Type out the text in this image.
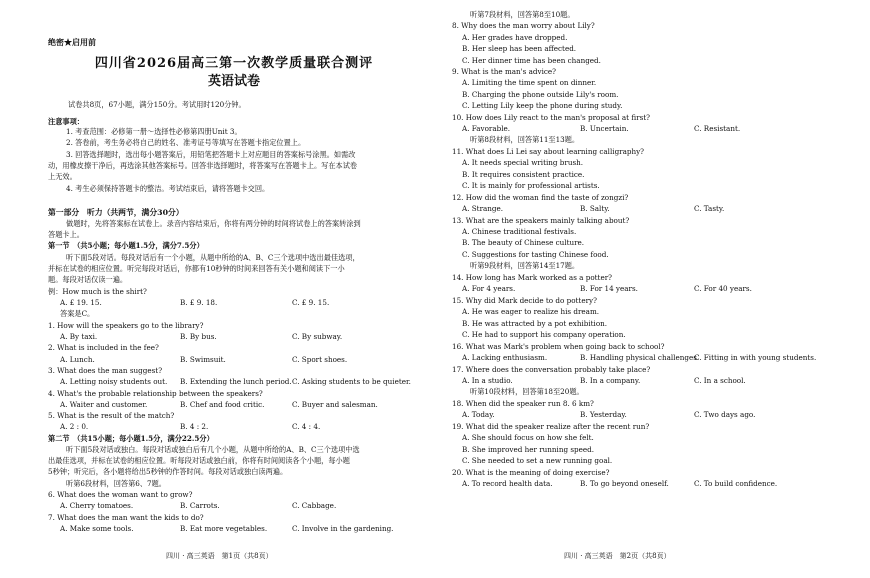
绝密★启用前
四川省2026届高三第一次教学质量联合测评
英语试卷
试卷共8页，67小题，满分150分。考试用时120分钟。
注意事项：
1. 考查范围：必修第一册～选择性必修第四册Unit 3。
2. 答卷前，考生务必将自己的姓名、准考证号等填写在答题卡指定位置上。
3. 回答选择题时，选出每小题答案后，用铅笔把答题卡上对应题目的答案标号涂黑。如需改
动，用橡皮擦干净后，再选涂其他答案标号。回答非选择题时，将答案写在答题卡上。写在本试卷
上无效。
4. 考生必须保持答题卡的整洁。考试结束后，请将答题卡交回。
第一部分　听力（共两节，满分30分）
做题时，先将答案标在试卷上。录音内容结束后，你将有两分钟的时间将试卷上的答案转涂到
答题卡上。
第一节　（共5小题；每小题1.5分，满分7.5分）
听下面5段对话。每段对话后有一个小题，从题中所给的A、B、C三个选项中选出最佳选项，
并标在试卷的相应位置。听完每段对话后，你都有10秒钟的时间来回答有关小题和阅读下一小
题。每段对话仅读一遍。
例：How much is the shirt?
A. £ 19. 15.	B. £ 9. 18.	C. £ 9. 15.
答案是C。
1. How will the speakers go to the library?
A. By taxi.	B. By bus.	C. By subway.
2. What is included in the fee?
A. Lunch.	B. Swimsuit.	C. Sport shoes.
3. What does the man suggest?
A. Letting noisy students out. B. Extending the lunch period. C. Asking students to be quieter.
4. What's the probable relationship between the speakers?
A. Waiter and customer.	B. Chef and food critic.	C. Buyer and salesman.
5. What is the result of the match?
A. 2 : 0.	B. 4 : 2.	C. 4 : 4.
第二节　（共15小题；每小题1.5分，满分22.5分）
听下面5段对话或独白。每段对话或独白后有几个小题，从题中所给的A、B、C三个选项中选
出最佳选项，并标在试卷的相应位置。听每段对话或独白前，你将有时间阅读各个小题，每小题
5秒钟；听完后，各小题将给出5秒钟的作答时间。每段对话或独白读两遍。
听第6段材料，回答第6、7题。
6. What does the woman want to grow?
A. Cherry tomatoes.	B. Carrots.	C. Cabbage.
7. What does the man want the kids to do?
A. Make some tools.	B. Eat more vegetables.	C. Involve in the gardening.
四川 · 高三英语　第1页（共8页）
听第7段材料，回答第8至10题。
8. Why does the man worry about Lily?
A. Her grades have dropped.
B. Her sleep has been affected.
C. Her dinner time has been changed.
9. What is the man's advice?
A. Limiting the time spent on dinner.
B. Charging the phone outside Lily's room.
C. Letting Lily keep the phone during study.
10. How does Lily react to the man's proposal at first?
A. Favorable.	B. Uncertain.	C. Resistant.
听第8段材料，回答第11至13题。
11. What does Li Lei say about learning calligraphy?
A. It needs special writing brush.
B. It requires consistent practice.
C. It is mainly for professional artists.
12. How did the woman find the taste of zongzi?
A. Strange.	B. Salty.	C. Tasty.
13. What are the speakers mainly talking about?
A. Chinese traditional festivals.
B. The beauty of Chinese culture.
C. Suggestions for tasting Chinese food.
听第9段材料，回答第14至17题。
14. How long has Mark worked as a potter?
A. For 4 years.	B. For 14 years.	C. For 40 years.
15. Why did Mark decide to do pottery?
A. He was eager to realize his dream.
B. He was attracted by a pot exhibition.
C. He had to support his company operation.
16. What was Mark's problem when going back to school?
A. Lacking enthusiasm.	B. Handling physical challenges.
C. Fitting in with young students.
17. Where does the conversation probably take place?
A. In a studio.	B. In a company.	C. In a school.
听第10段材料，回答第18至20题。
18. When did the speaker run 8. 6 km?
A. Today.	B. Yesterday.	C. Two days ago.
19. What did the speaker realize after the recent run?
A. She should focus on how she felt.
B. She improved her running speed.
C. She needed to set a new running goal.
20. What is the meaning of doing exercise?
A. To record health data.	B. To go beyond oneself.	C. To build confidence.
四川 · 高三英语　第2页（共8页）
